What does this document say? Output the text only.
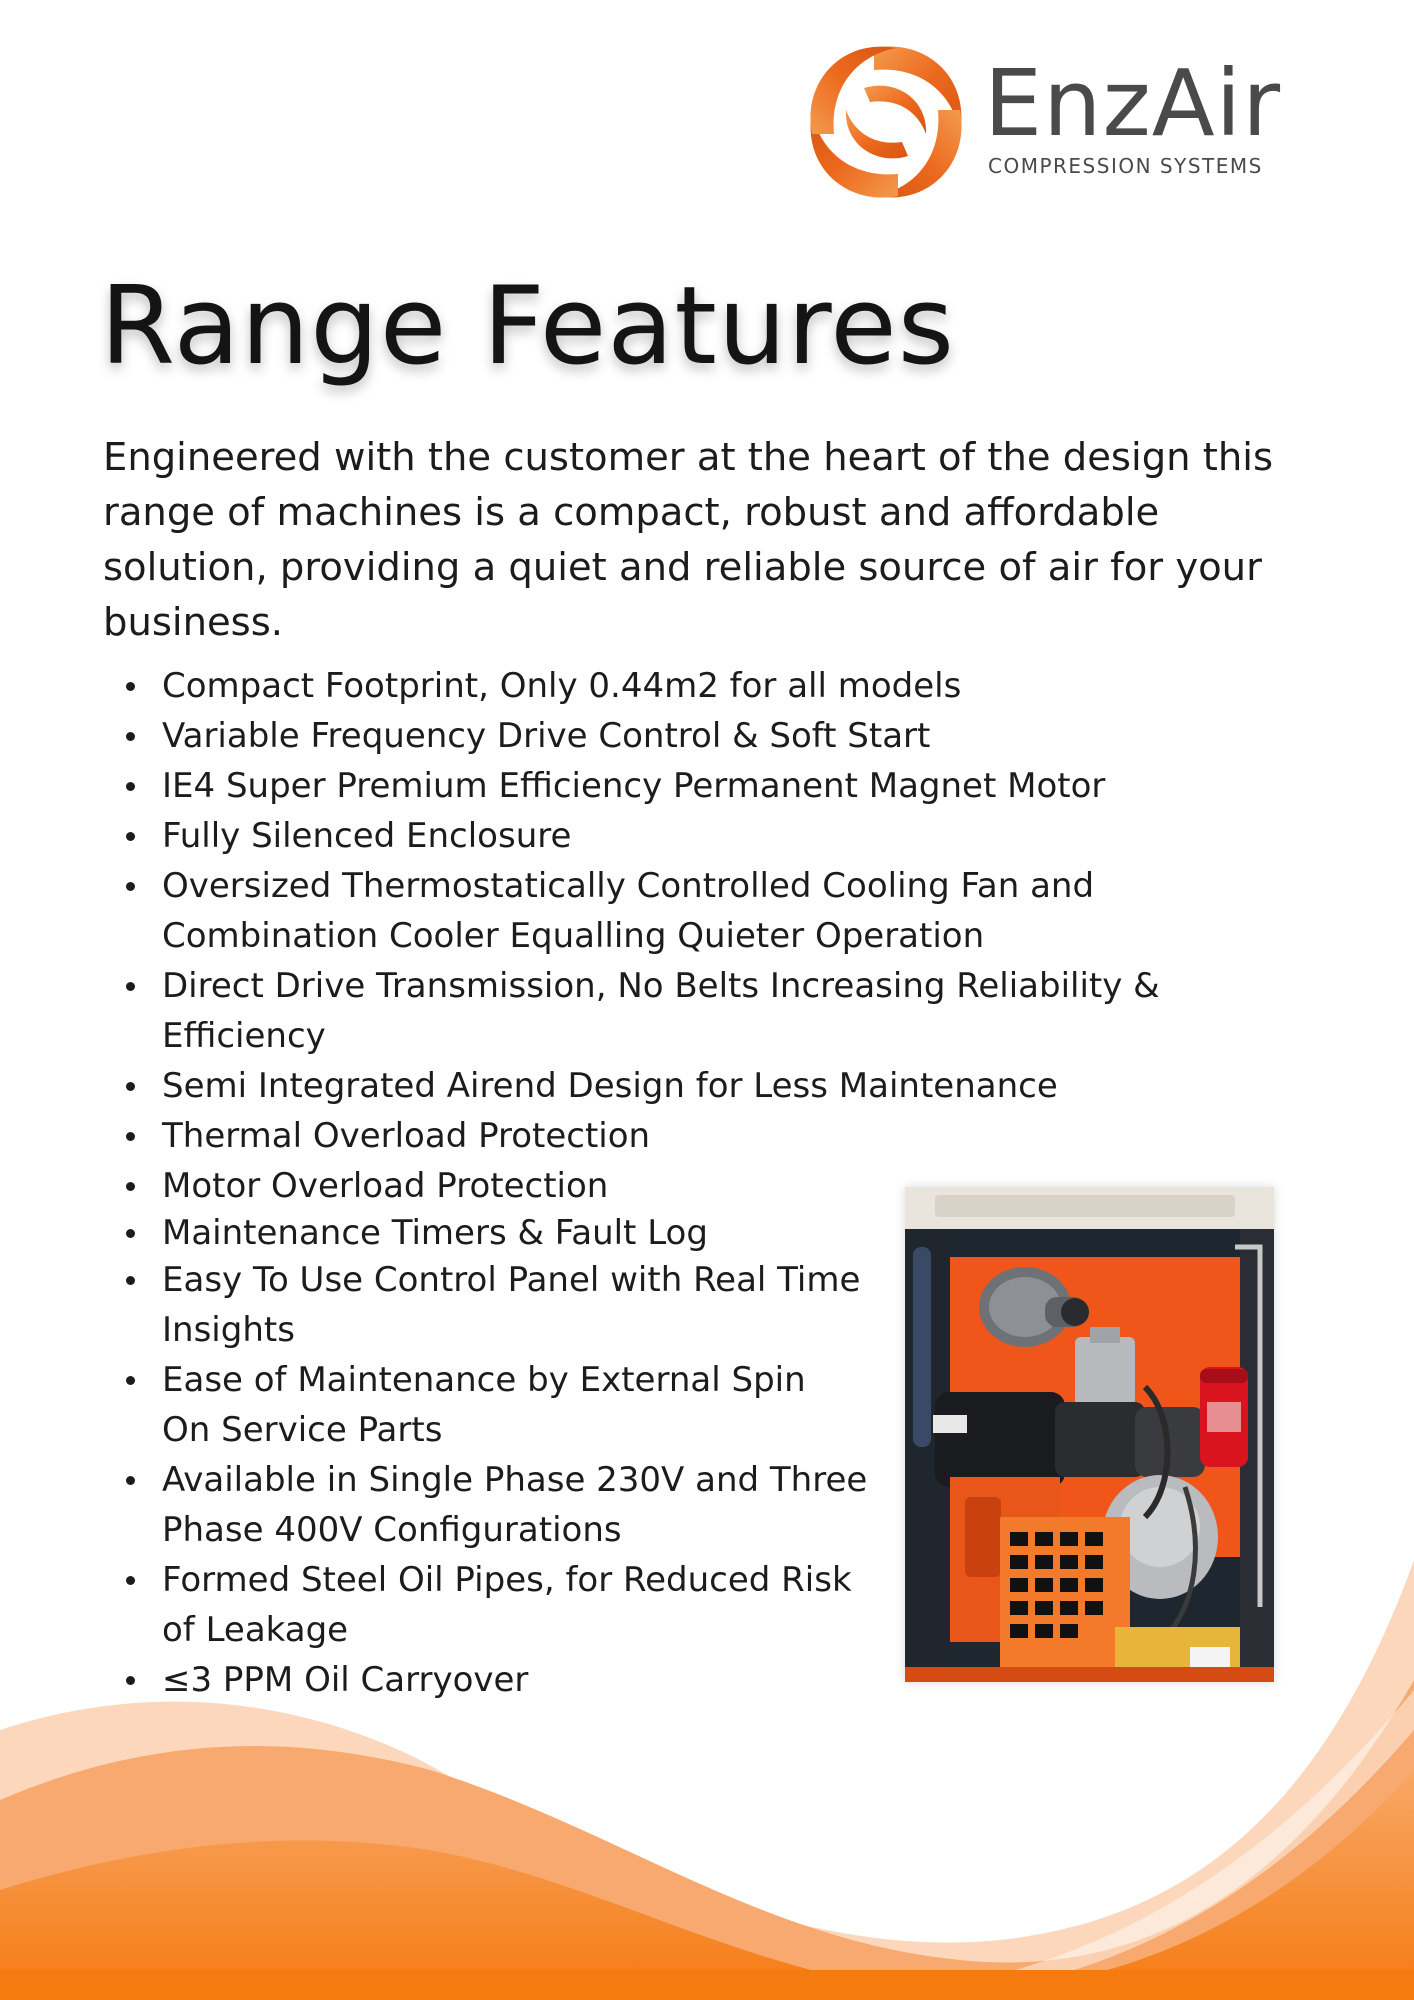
EnzAir
COMPRESSION SYSTEMS
Range Features

Engineered with the customer at the heart of the design this range of machines is a compact, robust and affordable solution, providing a quiet and reliable source of air for your business.

Compact Footprint, Only 0.44m2 for all models
Variable Frequency Drive Control & Soft Start
IE4 Super Premium Efficiency Permanent Magnet Motor
Fully Silenced Enclosure
Oversized Thermostatically Controlled Cooling Fan and
Combination Cooler Equalling Quieter Operation
Direct Drive Transmission, No Belts Increasing Reliability &
Efficiency
Semi Integrated Airend Design for Less Maintenance
Thermal Overload Protection
Motor Overload Protection
Maintenance Timers & Fault Log
Easy To Use Control Panel with Real Time
Insights
Ease of Maintenance by External Spin
On Service Parts
Available in Single Phase 230V and Three
Phase 400V Configurations
Formed Steel Oil Pipes, for Reduced Risk
of Leakage
≤3 PPM Oil Carryover
